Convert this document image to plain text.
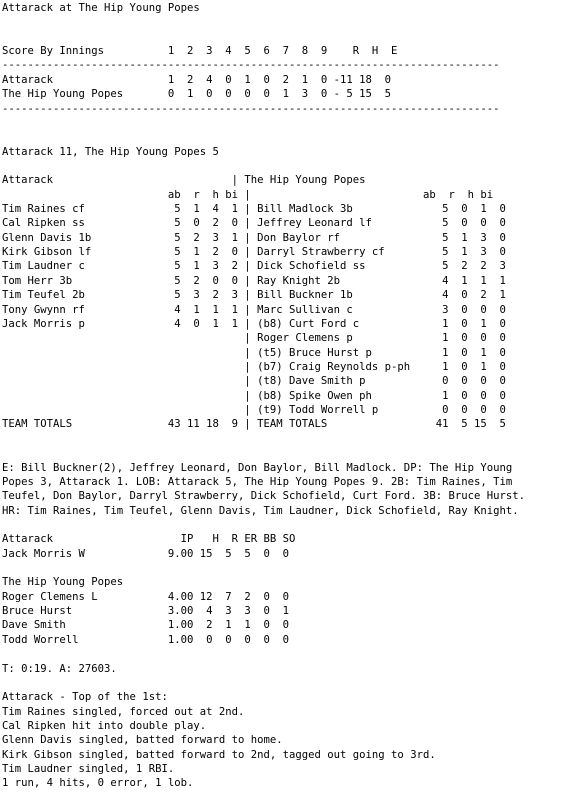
Attarack at The Hip Young Popes
Score By Innings          1  2  3  4  5  6  7  8  9    R  H  E
------------------------------------------------------------------------------
Attarack                  1  2  4  0  1  0  2  1  0 -11 18  0
The Hip Young Popes       0  1  0  0  0  0  1  3  0 - 5 15  5
------------------------------------------------------------------------------
Attarack 11, The Hip Young Popes 5
Attarack                            | The Hip Young Popes
ab  r  h bi |                           ab  r  h bi
Tim Raines cf              5  1  4  1 | Bill Madlock 3b              5  0  1  0
Cal Ripken ss              5  0  2  0 | Jeffrey Leonard lf           5  0  0  0
Glenn Davis 1b             5  2  3  1 | Don Baylor rf                5  1  3  0
Kirk Gibson lf             5  1  2  0 | Darryl Strawberry cf         5  1  3  0
Tim Laudner c              5  1  3  2 | Dick Schofield ss            5  2  2  3
Tom Herr 3b                5  2  0  0 | Ray Knight 2b                4  1  1  1
Tim Teufel 2b              5  3  2  3 | Bill Buckner 1b              4  0  2  1
Tony Gwynn rf              4  1  1  1 | Marc Sullivan c              3  0  0  0
Jack Morris p              4  0  1  1 | (b8) Curt Ford c             1  0  1  0
| Roger Clemens p              1  0  0  0
| (t5) Bruce Hurst p           1  0  1  0
| (b7) Craig Reynolds p-ph     1  0  1  0
| (t8) Dave Smith p            0  0  0  0
| (b8) Spike Owen ph           1  0  0  0
| (t9) Todd Worrell p          0  0  0  0
TEAM TOTALS               43 11 18  9 | TEAM TOTALS                 41  5 15  5
E: Bill Buckner(2), Jeffrey Leonard, Don Baylor, Bill Madlock. DP: The Hip Young
Popes 3, Attarack 1. LOB: Attarack 5, The Hip Young Popes 9. 2B: Tim Raines, Tim
Teufel, Don Baylor, Darryl Strawberry, Dick Schofield, Curt Ford. 3B: Bruce Hurst.
HR: Tim Raines, Tim Teufel, Glenn Davis, Tim Laudner, Dick Schofield, Ray Knight.
Attarack                    IP   H  R ER BB SO
Jack Morris W             9.00 15  5  5  0  0
The Hip Young Popes
Roger Clemens L           4.00 12  7  2  0  0
Bruce Hurst               3.00  4  3  3  0  1
Dave Smith                1.00  2  1  1  0  0
Todd Worrell              1.00  0  0  0  0  0
T: 0:19. A: 27603.
Attarack - Top of the 1st:
Tim Raines singled, forced out at 2nd.
Cal Ripken hit into double play.
Glenn Davis singled, batted forward to home.
Kirk Gibson singled, batted forward to 2nd, tagged out going to 3rd.
Tim Laudner singled, 1 RBI.
1 run, 4 hits, 0 error, 1 lob.
